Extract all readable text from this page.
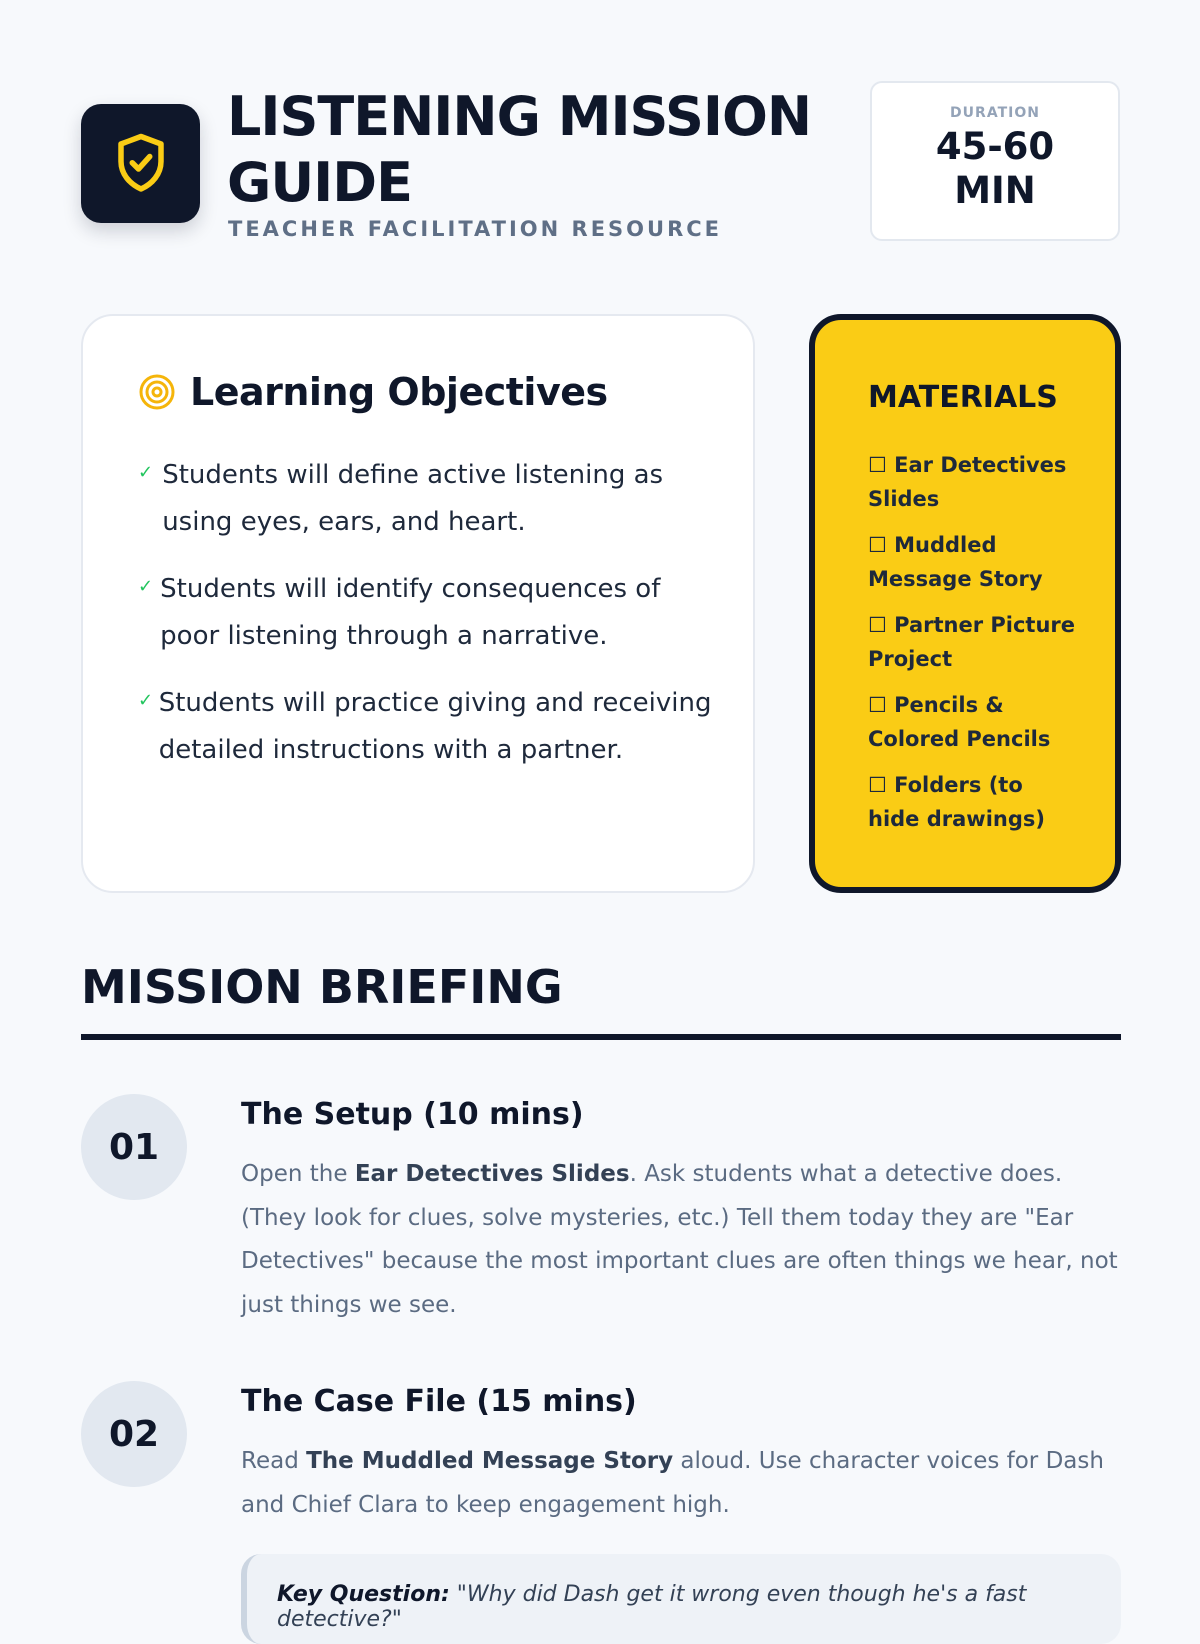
LISTENING MISSION GUIDE
TEACHER FACILITATION RESOURCE
DURATION
45-60 MIN
Learning Objectives
✓ Students will define active listening as using eyes, ears, and heart.
✓ Students will identify consequences of poor listening through a narrative.
✓ Students will practice giving and receiving detailed instructions with a partner.
MATERIALS
☐ Ear Detectives Slides
☐ Muddled Message Story
☐ Partner Picture Project
☐ Pencils & Colored Pencils
☐ Folders (to hide drawings)
MISSION BRIEFING
01
The Setup (10 mins)
Open the Ear Detectives Slides. Ask students what a detective does. (They look for clues, solve mysteries, etc.) Tell them today they are "Ear Detectives" because the most important clues are often things we hear, not just things we see.
02
The Case File (15 mins)
Read The Muddled Message Story aloud. Use character voices for Dash and Chief Clara to keep engagement high.
Key Question: "Why did Dash get it wrong even though he's a fast detective?"
